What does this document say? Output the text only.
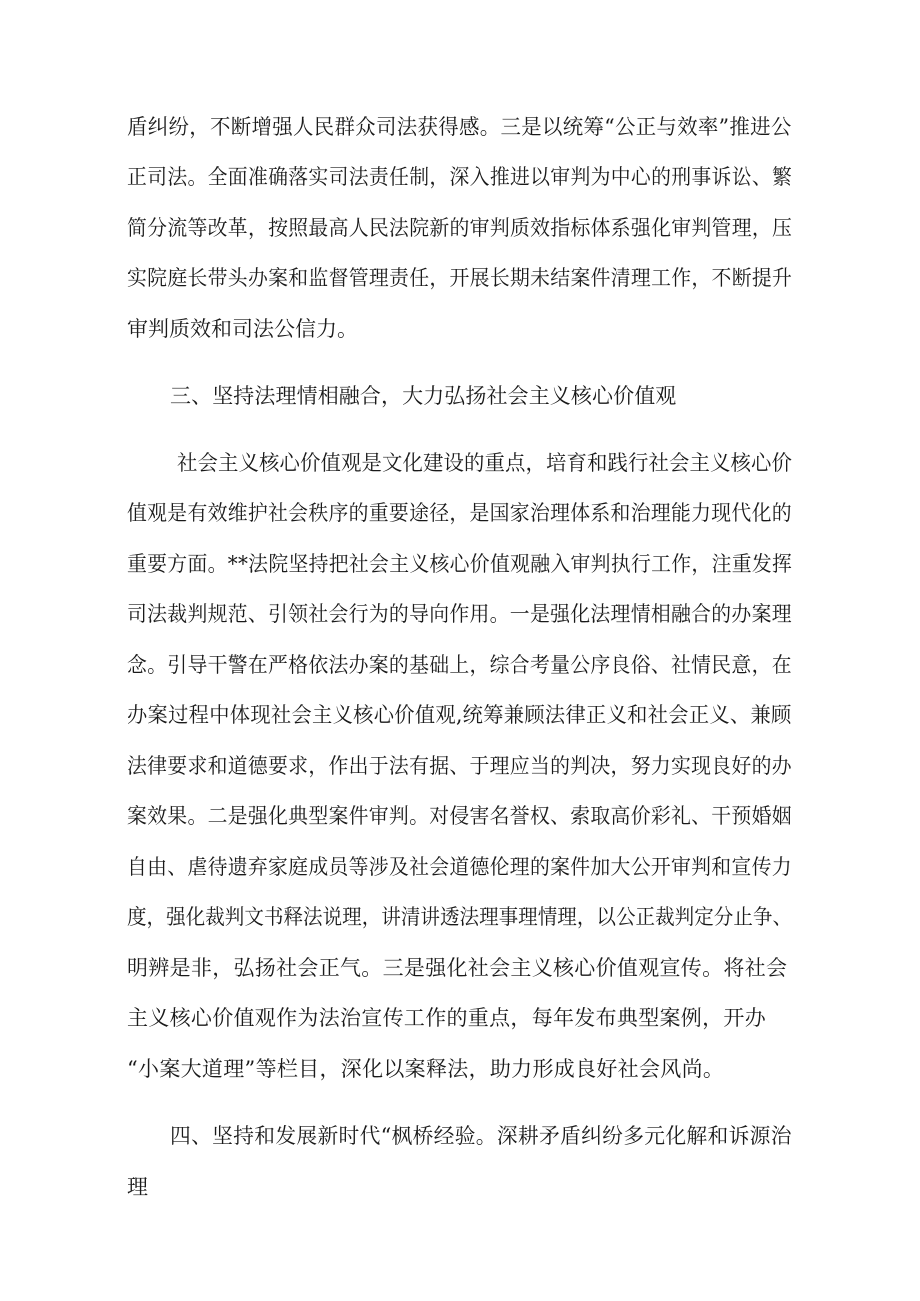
盾纠纷，不断增强人民群众司法获得感。三是以统筹“公正与效率”推进公
正司法。全面准确落实司法责任制，深入推进以审判为中心的刑事诉讼、繁
简分流等改革，按照最高人民法院新的审判质效指标体系强化审判管理，压
实院庭长带头办案和监督管理责任，开展长期未结案件清理工作，不断提升
审判质效和司法公信力。
三、坚持法理情相融合，大力弘扬社会主义核心价值观
社会主义核心价值观是文化建设的重点，培育和践行社会主义核心价
值观是有效维护社会秩序的重要途径，是国家治理体系和治理能力现代化的
重要方面。**法院坚持把社会主义核心价值观融入审判执行工作，注重发挥
司法裁判规范、引领社会行为的导向作用。一是强化法理情相融合的办案理
念。引导干警在严格依法办案的基础上，综合考量公序良俗、社情民意，在
办案过程中体现社会主义核心价值观,统筹兼顾法律正义和社会正义、兼顾
法律要求和道德要求，作出于法有据、于理应当的判决，努力实现良好的办
案效果。二是强化典型案件审判。对侵害名誉权、索取高价彩礼、干预婚姻
自由、虐待遗弃家庭成员等涉及社会道德伦理的案件加大公开审判和宣传力
度，强化裁判文书释法说理，讲清讲透法理事理情理，以公正裁判定分止争、
明辨是非，弘扬社会正气。三是强化社会主义核心价值观宣传。将社会
主义核心价值观作为法治宣传工作的重点，每年发布典型案例，开办
“小案大道理”等栏目，深化以案释法，助力形成良好社会风尚。
四、坚持和发展新时代“枫桥经验。深耕矛盾纠纷多元化解和诉源治
理
